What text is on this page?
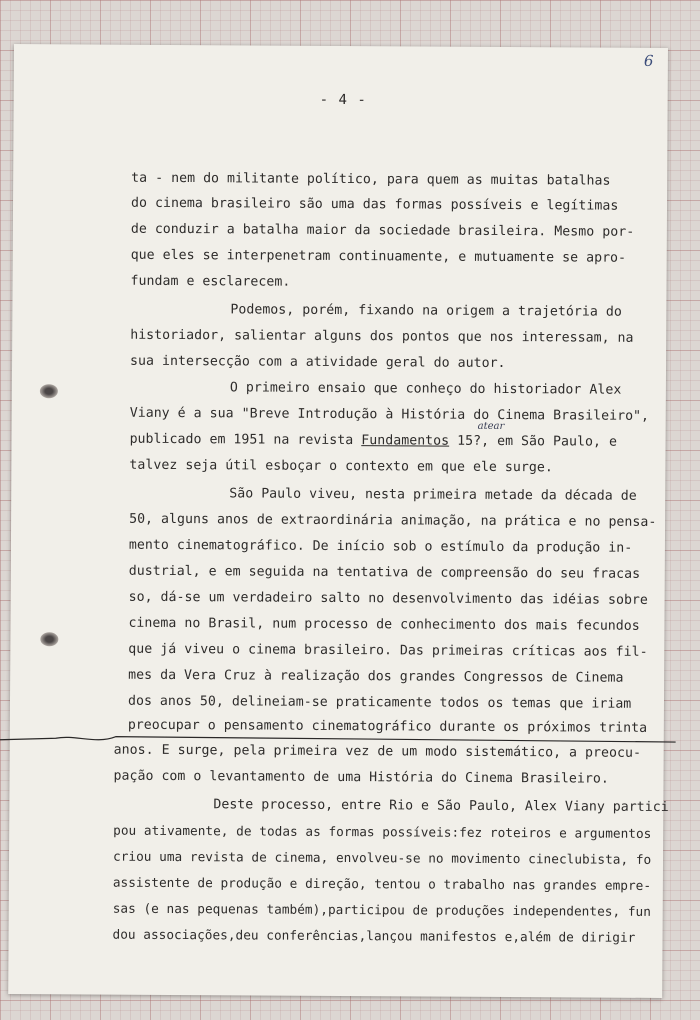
6
- 4 -
ta - nem do militante político, para quem as muitas batalhas
do cinema brasileiro são uma das formas possíveis e legítimas
de conduzir a batalha maior da sociedade brasileira. Mesmo por-
que eles se interpenetram continuamente, e mutuamente se apro-
fundam e esclarecem.
Podemos, porém, fixando na origem a trajetória do
historiador, salientar alguns dos pontos que nos interessam, na
sua intersecção com a atividade geral do autor.
O primeiro ensaio que conheço do historiador Alex
Viany é a sua "Breve Introdução à História do Cinema Brasileiro",
publicado em 1951 na revista Fundamentos 15?, em São Paulo, e
atear
talvez seja útil esboçar o contexto em que ele surge.
São Paulo viveu, nesta primeira metade da década de
50, alguns anos de extraordinária animação, na prática e no pensa-
mento cinematográfico. De início sob o estímulo da produção in-
dustrial, e em seguida na tentativa de compreensão do seu fracas
so, dá-se um verdadeiro salto no desenvolvimento das idéias sobre
cinema no Brasil, num processo de conhecimento dos mais fecundos
que já viveu o cinema brasileiro. Das primeiras críticas aos fil-
mes da Vera Cruz à realização dos grandes Congressos de Cinema
dos anos 50, delineiam-se praticamente todos os temas que iriam
preocupar o pensamento cinematográfico durante os próximos trinta
anos. E surge, pela primeira vez de um modo sistemático, a preocu-
pação com o levantamento de uma História do Cinema Brasileiro.
Deste processo, entre Rio e São Paulo, Alex Viany partici
pou ativamente, de todas as formas possíveis:fez roteiros e argumentos
criou uma revista de cinema, envolveu-se no movimento cineclubista, fo
assistente de produção e direção, tentou o trabalho nas grandes empre-
sas (e nas pequenas também),participou de produções independentes, fun
dou associações,deu conferências,lançou manifestos e,além de dirigir
